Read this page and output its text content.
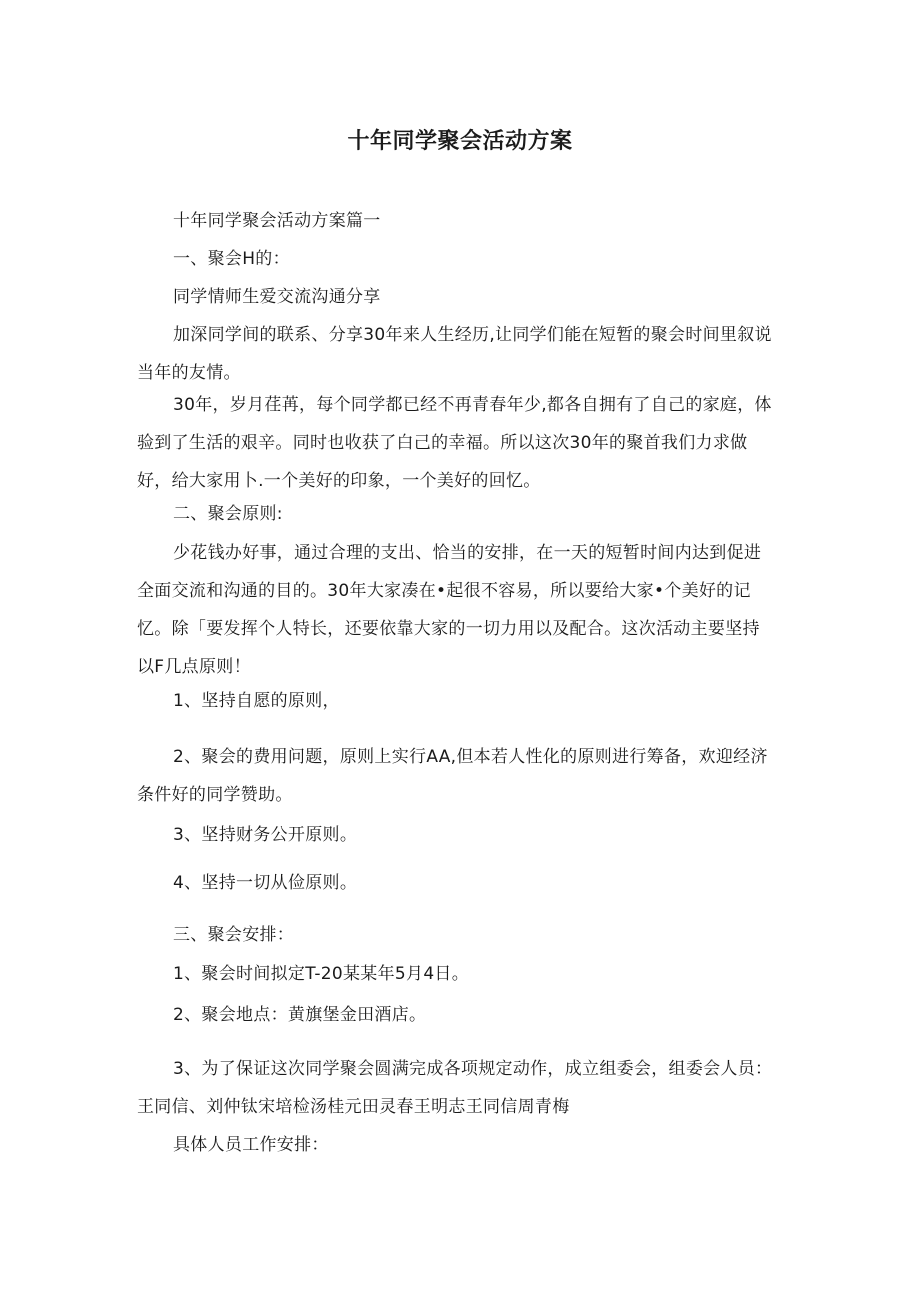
十年同学聚会活动方案

十年同学聚会活动方案篇一

一、聚会H的：

同学情师生爱交流沟通分享

加深同学间的联系、分享30年来人生经历,让同学们能在短暂的聚会时间里叙说当年的友情。

30年，岁月荏苒，每个同学都已经不再青春年少,都各自拥有了自己的家庭，体验到了生活的艰辛。同时也收获了白己的幸福。所以这次30年的聚首我们力求做好，给大家用卜.一个美好的印象，一个美好的回忆。

二、聚会原则:

少花钱办好事，通过合理的支出、恰当的安排，在一天的短暂时间内达到促进全面交流和沟通的目的。30年大家凑在•起很不容易，所以要给大家•个美好的记忆。除「要发挥个人特长，还要依靠大家的一切力用以及配合。这次活动主要坚持以F几点原则！

1、坚持自愿的原则，

2、聚会的费用问题，原则上实行AA,但本若人性化的原则进行筹备，欢迎经济条件好的同学赞助。

3、坚持财务公开原则。

4、坚持一切从俭原则。

三、聚会安排：

1、聚会时间拟定T-20某某年5月4日。

2、聚会地点：黄旗堡金田酒店。

3、为了保证这次同学聚会圆满完成各项规定动作，成立组委会，组委会人员：王同信、刘仲钛宋培检汤桂元田灵春王明志王同信周青梅

具体人员工作安排：
